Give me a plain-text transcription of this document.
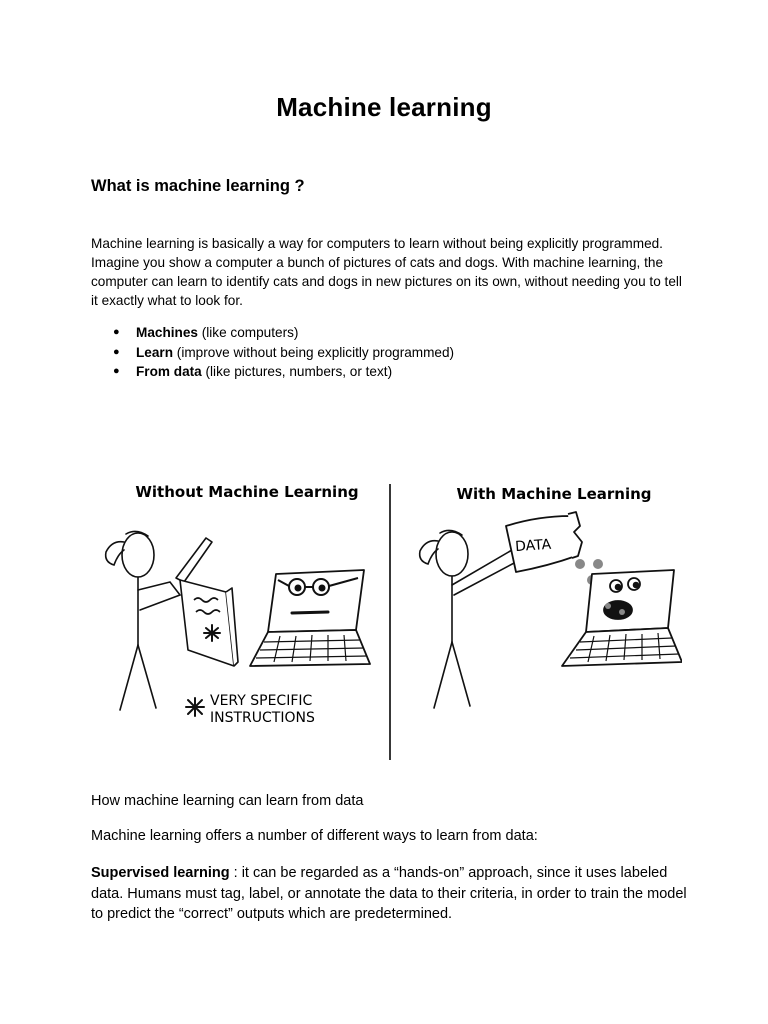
Machine learning
What is machine learning ?

Machine learning is basically a way for computers to learn without being explicitly programmed. Imagine you show a computer a bunch of pictures of cats and dogs. With machine learning, the computer can learn to identify cats and dogs in new pictures on its own, without needing you to tell it exactly what to look for.

● Machines (like computers)
● Learn (improve without being explicitly programmed)
● From data (like pictures, numbers, or text)
Without Machine Learning	With Machine Learning
VERY SPECIFIC
INSTRUCTIONS
DATA

How machine learning can learn from data

Machine learning offers a number of different ways to learn from data:

Supervised learning : it can be regarded as a “hands-on” approach, since it uses labeled data. Humans must tag, label, or annotate the data to their criteria, in order to train the model to predict the “correct” outputs which are predetermined.
